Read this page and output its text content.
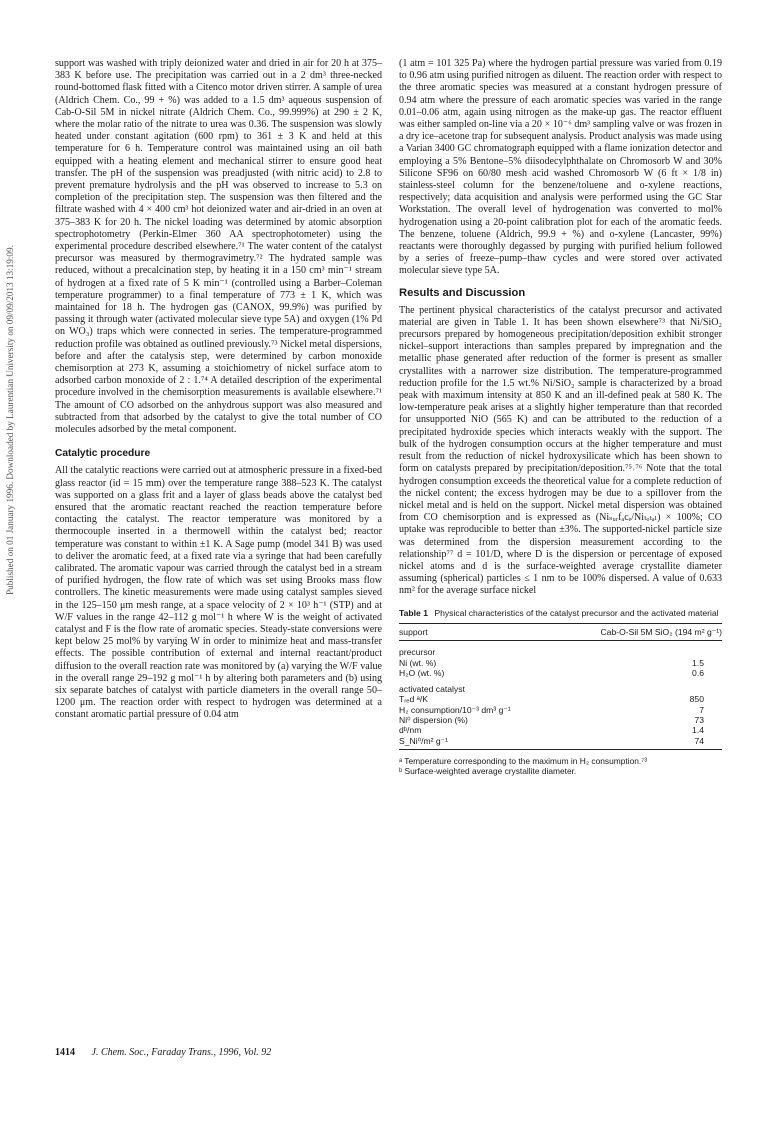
Published on 01 January 1996. Downloaded by Laurentian University on 09/09/2013 13:19:09.

support was washed with triply deionized water and dried in air for 20 h at 375–383 K before use. The precipitation was carried out in a 2 dm³ three-necked round-bottomed flask fitted with a Citenco motor driven stirrer. A sample of urea (Aldrich Chem. Co., 99 + %) was added to a 1.5 dm³ aqueous suspension of Cab-O-Sil 5M in nickel nitrate (Aldrich Chem. Co., 99.999%) at 290 ± 2 K, where the molar ratio of the nitrate to urea was 0.36. The suspension was slowly heated under constant agitation (600 rpm) to 361 ± 3 K and held at this temperature for 6 h. Temperature control was maintained using an oil bath equipped with a heating element and mechanical stirrer to ensure good heat transfer. The pH of the suspension was preadjusted (with nitric acid) to 2.8 to prevent premature hydrolysis and the pH was observed to increase to 5.3 on completion of the precipitation step. The suspension was then filtered and the filtrate washed with 4 × 400 cm³ hot deionized water and air-dried in an oven at 375–383 K for 20 h. The nickel loading was determined by atomic absorption spectrophotometry (Perkin-Elmer 360 AA spectrophotometer) using the experimental procedure described elsewhere.⁷¹ The water content of the catalyst precursor was measured by thermogravimetry.⁷² The hydrated sample was reduced, without a precalcination step, by heating it in a 150 cm³ min⁻¹ stream of hydrogen at a fixed rate of 5 K min⁻¹ (controlled using a Barber–Coleman temperature programmer) to a final temperature of 773 ± 1 K, which was maintained for 18 h. The hydrogen gas (CANOX, 99.9%) was purified by passing it through water (activated molecular sieve type 5A) and oxygen (1% Pd on WO₃) traps which were connected in series. The temperature-programmed reduction profile was obtained as outlined previously.⁷³ Nickel metal dispersions, before and after the catalysis step, were determined by carbon monoxide chemisorption at 273 K, assuming a stoichiometry of nickel surface atom to adsorbed carbon monoxide of 2 : 1.⁷⁴ A detailed description of the experimental procedure involved in the chemisorption measurements is available elsewhere.⁷¹ The amount of CO adsorbed on the anhydrous support was also measured and subtracted from that adsorbed by the catalyst to give the total number of CO molecules adsorbed by the metal component.

Catalytic procedure

All the catalytic reactions were carried out at atmospheric pressure in a fixed-bed glass reactor (id = 15 mm) over the temperature range 388–523 K. The catalyst was supported on a glass frit and a layer of glass beads above the catalyst bed ensured that the aromatic reactant reached the reaction temperature before contacting the catalyst. The reactor temperature was monitored by a thermocouple inserted in a thermowell within the catalyst bed; reactor temperature was constant to within ±1 K. A Sage pump (model 341 B) was used to deliver the aromatic feed, at a fixed rate via a syringe that had been carefully calibrated. The aromatic vapour was carried through the catalyst bed in a stream of purified hydrogen, the flow rate of which was set using Brooks mass flow controllers. The kinetic measurements were made using catalyst samples sieved in the 125–150 μm mesh range, at a space velocity of 2 × 10³ h⁻¹ (STP) and at W/F values in the range 42–112 g mol⁻¹ h where W is the weight of activated catalyst and F is the flow rate of aromatic species. Steady-state conversions were kept below 25 mol% by varying W in order to minimize heat and mass-transfer effects. The possible contribution of external and internal reactant/product diffusion to the overall reaction rate was monitored by (a) varying the W/F value in the overall range 29–192 g mol⁻¹ h by altering both parameters and (b) using six separate batches of catalyst with particle diameters in the overall range 50–1200 μm. The reaction order with respect to hydrogen was determined at a constant aromatic partial pressure of 0.04 atm

(1 atm = 101 325 Pa) where the hydrogen partial pressure was varied from 0.19 to 0.96 atm using purified nitrogen as diluent. The reaction order with respect to the three aromatic species was measured at a constant hydrogen pressure of 0.94 atm where the pressure of each aromatic species was varied in the range 0.01–0.06 atm, again using nitrogen as the make-up gas. The reactor effluent was either sampled on-line via a 20 × 10⁻⁶ dm³ sampling valve or was frozen in a dry ice–acetone trap for subsequent analysis. Product analysis was made using a Varian 3400 GC chromatograph equipped with a flame ionization detector and employing a 5% Bentone–5% diisodecylphthalate on Chromosorb W and 30% Silicone SF96 on 60/80 mesh acid washed Chromosorb W (6 ft × 1/8 in) stainless-steel column for the benzene/toluene and o-xylene reactions, respectively; data acquisition and analysis were performed using the GC Star Workstation. The overall level of hydrogenation was converted to mol% hydrogenation using a 20-point calibration plot for each of the aromatic feeds. The benzene, toluene (Aldrich, 99.9 + %) and o-xylene (Lancaster, 99%) reactants were thoroughly degassed by purging with purified helium followed by a series of freeze–pump–thaw cycles and were stored over activated molecular sieve type 5A.

Results and Discussion

The pertinent physical characteristics of the catalyst precursor and activated material are given in Table 1. It has been shown elsewhere⁷³ that Ni/SiO₂ precursors prepared by homogeneous precipitation/deposition exhibit stronger nickel–support interactions than samples prepared by impregnation and the metallic phase generated after reduction of the former is present as smaller crystallites with a narrower size distribution. The temperature-programmed reduction profile for the 1.5 wt.% Ni/SiO₂ sample is characterized by a broad peak with maximum intensity at 850 K and an ill-defined peak at 580 K. The low-temperature peak arises at a slightly higher temperature than that recorded for unsupported NiO (565 K) and can be attributed to the reduction of a precipitated hydroxide species which interacts weakly with the support. The bulk of the hydrogen consumption occurs at the higher temperature and must result from the reduction of nickel hydroxysilicate which has been shown to form on catalysts prepared by precipitation/deposition.⁷⁵˒⁷⁶ Note that the total hydrogen consumption exceeds the theoretical value for a complete reduction of the nickel content; the excess hydrogen may be due to a spillover from the nickel metal and is held on the support. Nickel metal dispersion was obtained from CO chemisorption and is expressed as (Niₛᵤᵣfₐcₑ/Niₜₒₜₐₗ) × 100%; CO uptake was reproducible to better than ±3%. The supported-nickel particle size was determined from the dispersion measurement according to the relationship⁷⁷ d = 101/D, where D is the dispersion or percentage of exposed nickel atoms and d is the surface-weighted average crystallite diameter assuming (spherical) particles ≤ 1 nm to be 100% dispersed. A value of 0.633 nm² for the average surface nickel

Table 1 Physical characteristics of the catalyst precursor and the activated material
support	Cab-O-Sil 5M SiO₂ (194 m² g⁻¹)
precursor	
Ni (wt. %)	1.5
H₂O (wt. %)	0.6
activated catalyst	
Tᵣₑd ᵃ/K	850
H₂ consumption/10⁻³ dm³ g⁻¹	7
Ni⁰ dispersion (%)	73
dᵇ/nm	1.4
S_Ni⁰/m² g⁻¹	74
ᵃ Temperature corresponding to the maximum in H₂ consumption.⁷³
ᵇ Surface-weighted average crystallite diameter.
1414 J. Chem. Soc., Faraday Trans., 1996, Vol. 92
